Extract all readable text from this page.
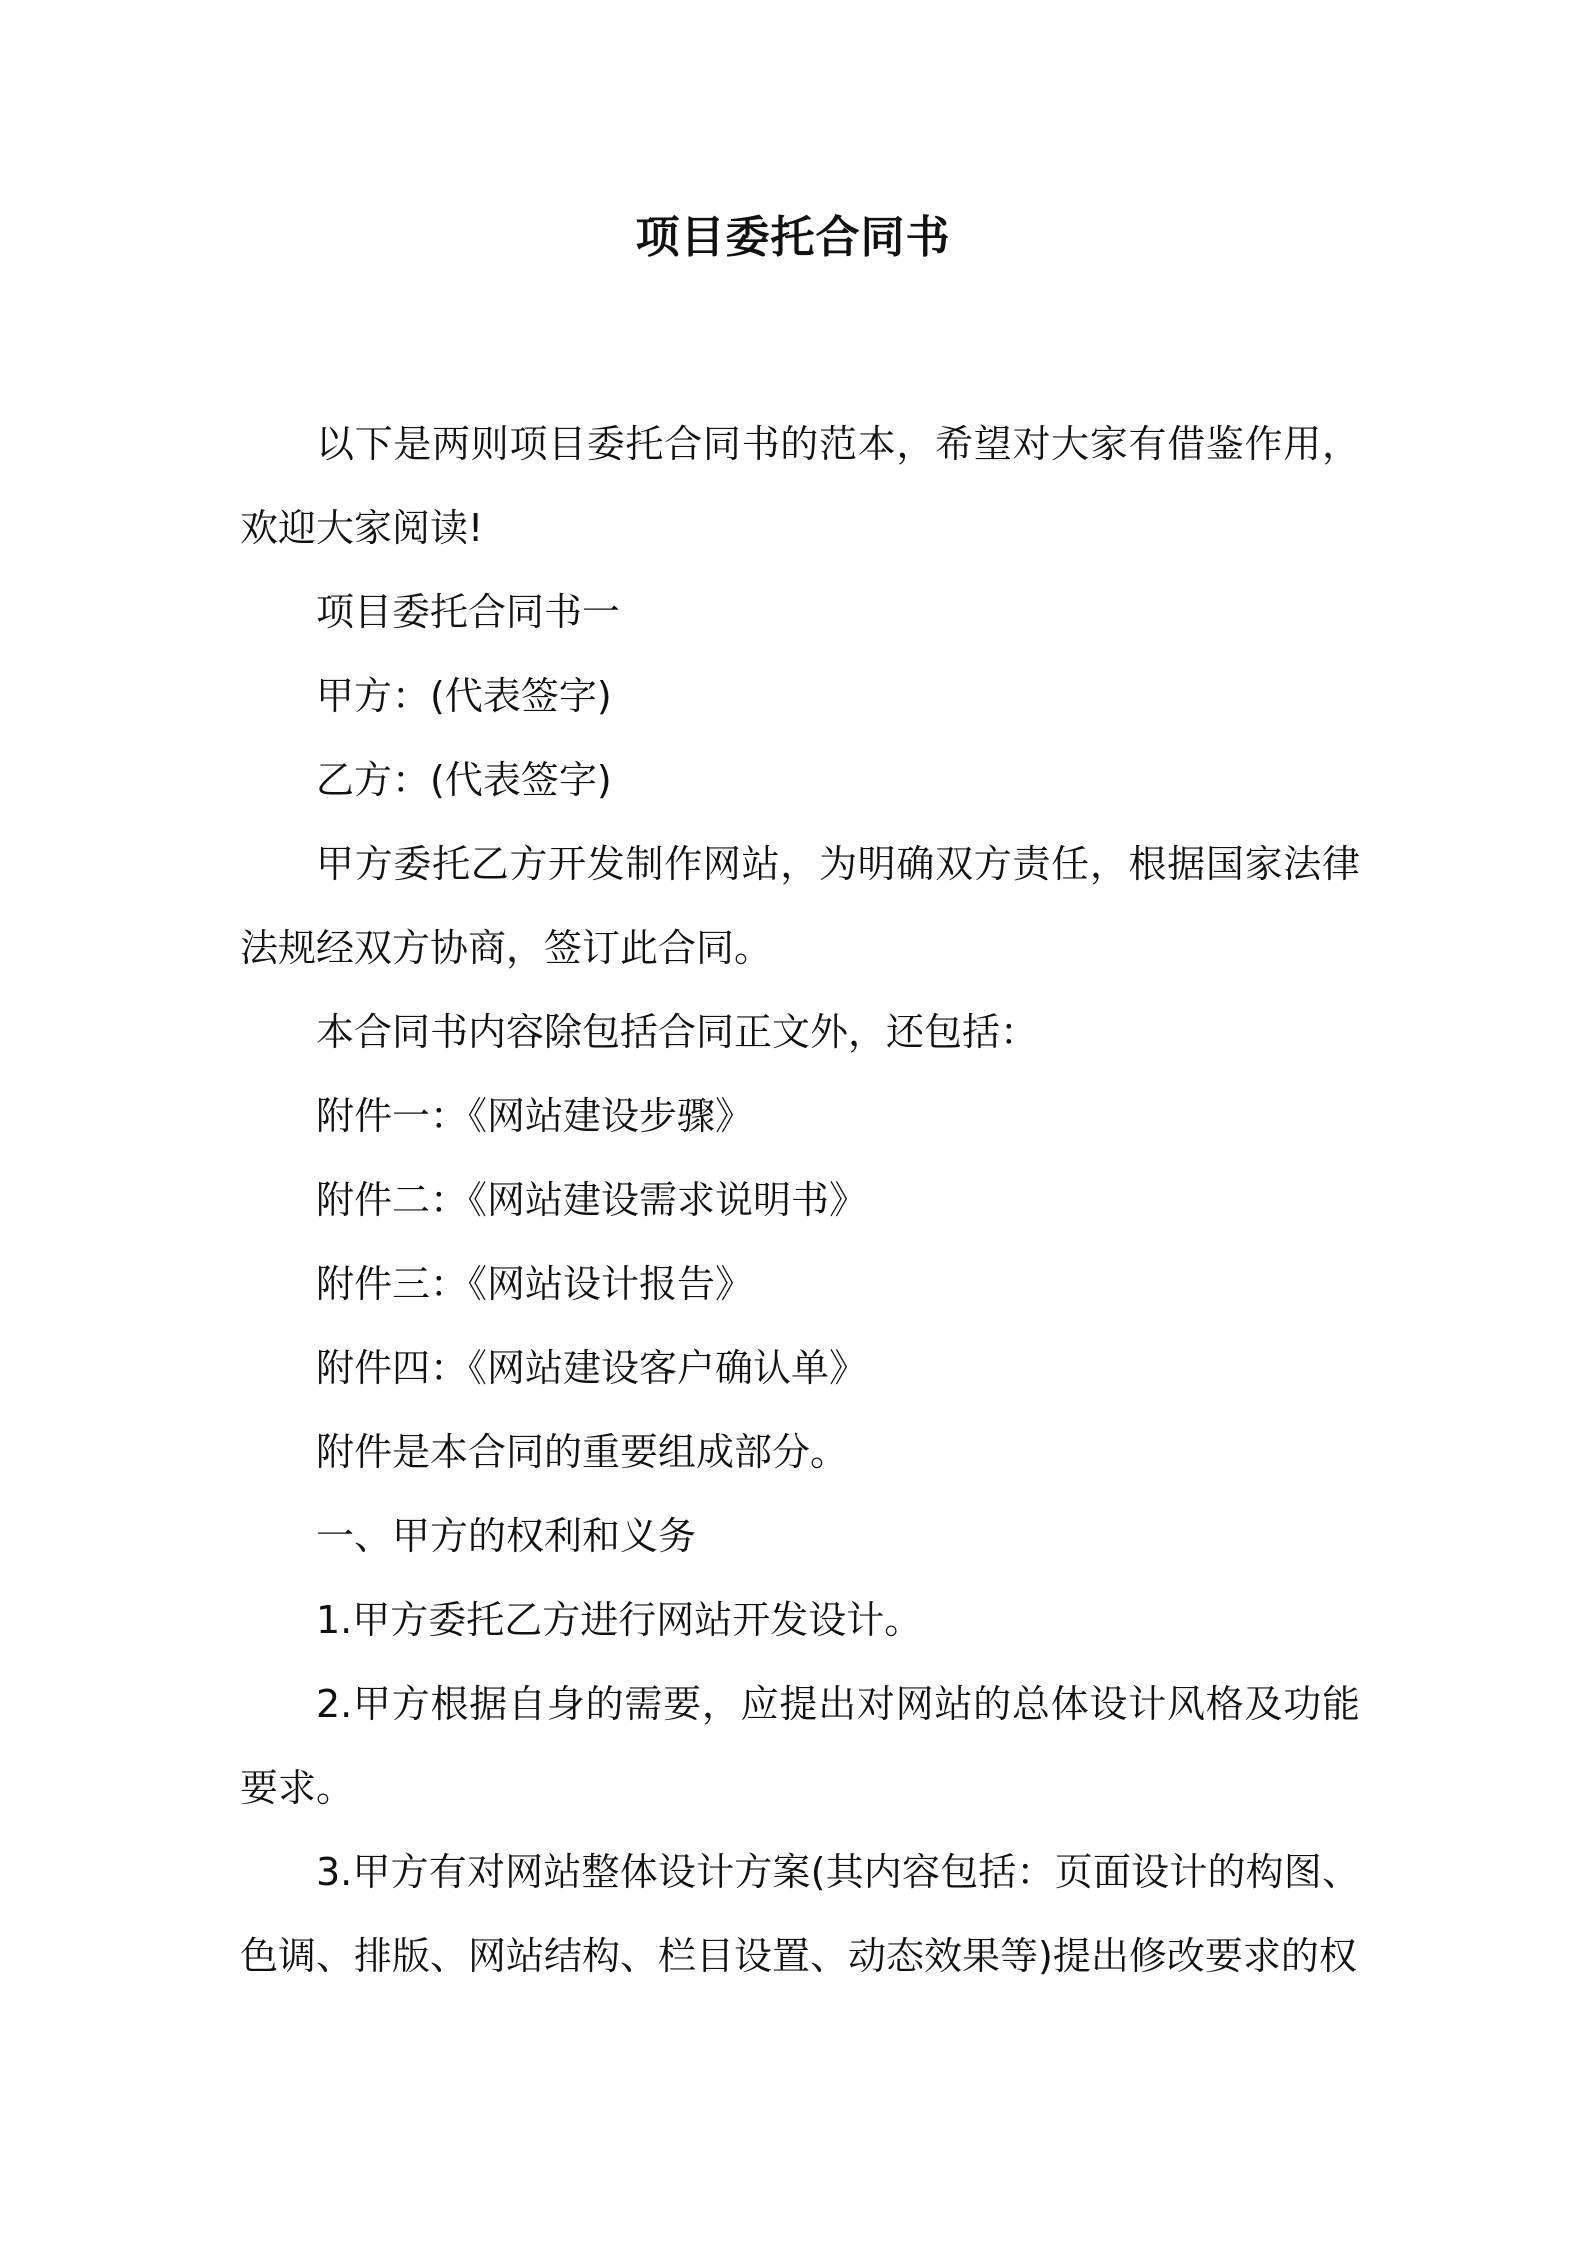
项目委托合同书

以下是两则项目委托合同书的范本，希望对大家有借鉴作用，欢迎大家阅读!

项目委托合同书一

甲方：(代表签字)

乙方：(代表签字)

甲方委托乙方开发制作网站，为明确双方责任，根据国家法律法规经双方协商，签订此合同。

本合同书内容除包括合同正文外，还包括：

附件一：《网站建设步骤》

附件二：《网站建设需求说明书》

附件三：《网站设计报告》

附件四：《网站建设客户确认单》

附件是本合同的重要组成部分。

一、甲方的权利和义务

1.甲方委托乙方进行网站开发设计。

2.甲方根据自身的需要，应提出对网站的总体设计风格及功能要求。

3.甲方有对网站整体设计方案(其内容包括：页面设计的构图、色调、排版、网站结构、栏目设置、动态效果等)提出修改要求的权
